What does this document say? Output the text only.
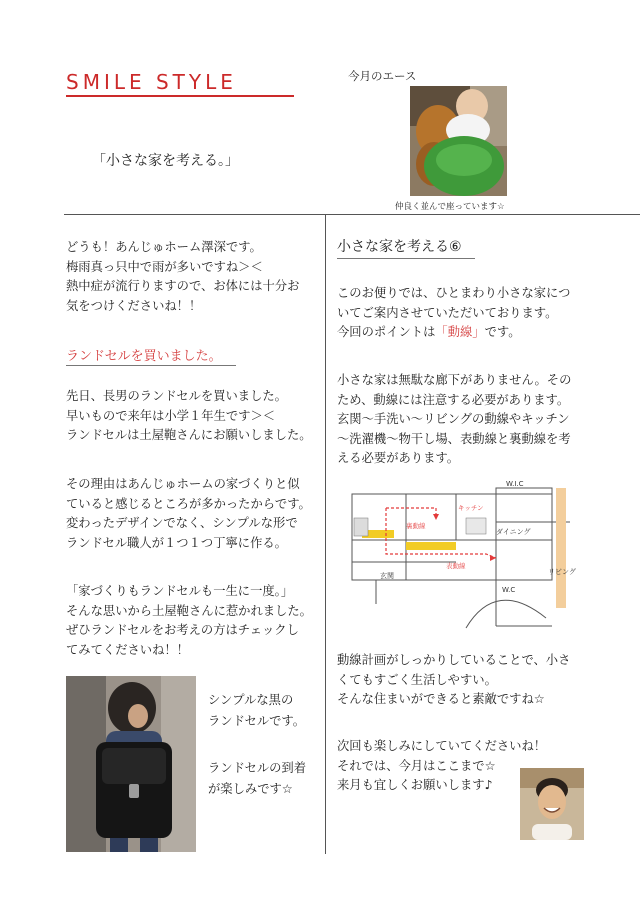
SMILE STYLE
「小さな家を考える。」
今月のエース
仲良く並んで座っています☆

どうも！あんじゅホーム澤深です。

梅雨真っ只中で雨が多いですね＞＜

熱中症が流行りますので、お体には十分お

気をつけくださいね！！

ランドセルを買いました。

先日、長男のランドセルを買いました。

早いもので来年は小学１年生です＞＜

ランドセルは土屋鞄さんにお願いしました。

その理由はあんじゅホームの家づくりと似

ていると感じるところが多かったからです。

変わったデザインでなく、シンプルな形で

ランドセル職人が１つ１つ丁寧に作る。

「家づくりもランドセルも一生に一度。」

そんな思いから土屋鞄さんに惹かれました。

ぜひランドセルをお考えの方はチェックし

てみてくださいね！！

シンプルな黒の

ランドセルです。

ランドセルの到着

が楽しみです☆

小さな家を考える⑥

このお便りでは、ひとまわり小さな家につ

いてご案内させていただいております。

今回のポイントは「動線」です。

小さな家は無駄な廊下がありません。その

ため、動線には注意する必要があります。

玄関～手洗い～リビングの動線やキッチン

～洗濯機～物干し場、表動線と裏動線を考

える必要があります。

W.I.C
ダイニング
リビング
玄関
W.C
キッチン
表動線
裏動線

動線計画がしっかりしていることで、小さ

くてもすごく生活しやすい。

そんな住まいができると素敵ですね☆

次回も楽しみにしていてくださいね！

それでは、今月はここまで☆

来月も宜しくお願いします♪
